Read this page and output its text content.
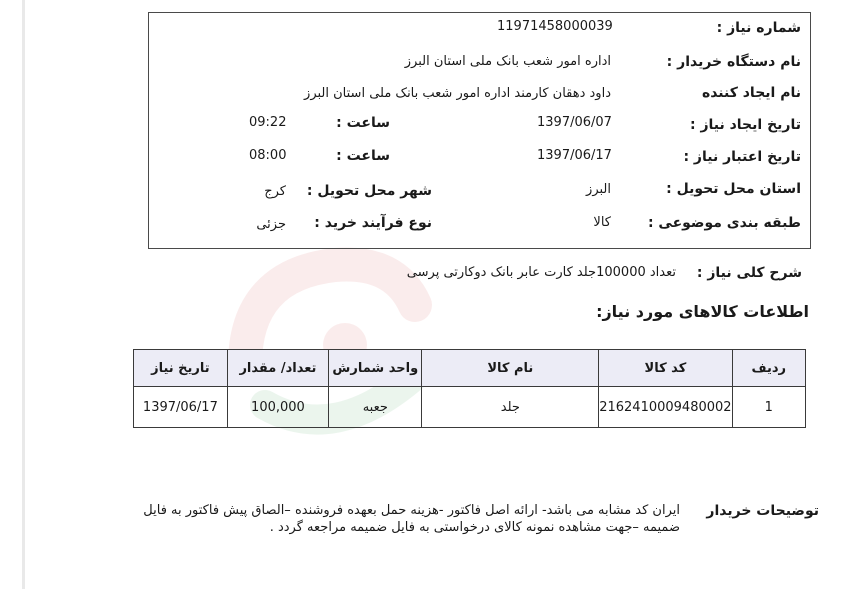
شماره نیاز :
11971458000039
نام دستگاه خریدار :
اداره امور شعب بانک ملی استان البرز
نام ایجاد کننده
داود دهقان کارمند اداره امور شعب بانک ملی استان البرز
تاریخ ایجاد نیاز :
1397/06/07
ساعت :
09:22
تاریخ اعتبار نیاز :
1397/06/17
ساعت :
08:00
استان محل تحویل :
البرز
شهر محل تحویل :
کرج
طبقه بندی موضوعی :
کالا
نوع فرآیند خرید :
جزئی
شرح کلی نیاز :
تعداد 100000جلد کارت عابر بانک دوکارتی پرسی
اطلاعات کالاهای مورد نیاز:
ردیف	کد کالا	نام کالا	واحد شمارش	تعداد/ مقدار	تاریخ نیاز
1	2162410009480002	جلد	جعبه	100,000	1397/06/17
توضیحات خریدار
ایران کد مشابه می باشد- ارائه اصل فاکتور -هزینه حمل بعهده فروشنده –الصاق پیش فاکتور به فایل ضمیمه –جهت مشاهده نمونه کالای درخواستی به فایل ضمیمه مراجعه گردد .
